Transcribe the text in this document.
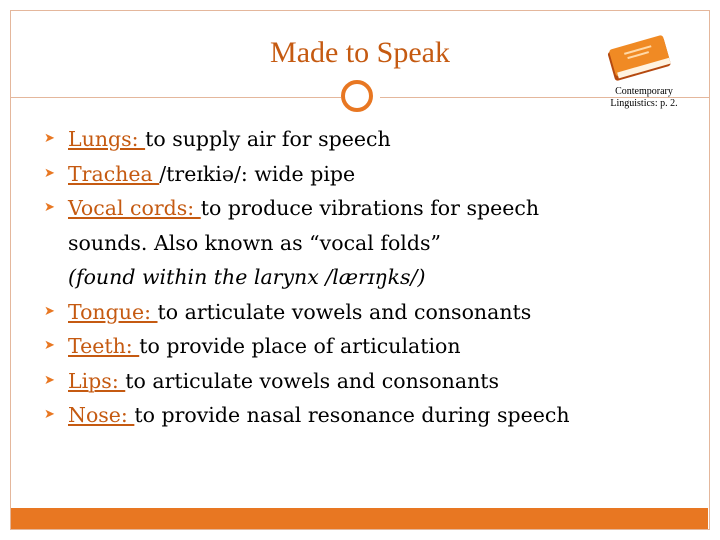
Made to Speak
Contemporary
Linguistics: p. 2.
➤ Lungs: to supply air for speech
➤ Trachea /treɪkiə/: wide pipe
➤ Vocal cords: to produce vibrations for speech
sounds. Also known as “vocal folds”
(found within the larynx /lærɪŋks/)
➤ Tongue: to articulate vowels and consonants
➤ Teeth: to provide place of articulation
➤ Lips: to articulate vowels and consonants
➤ Nose: to provide nasal resonance during speech
